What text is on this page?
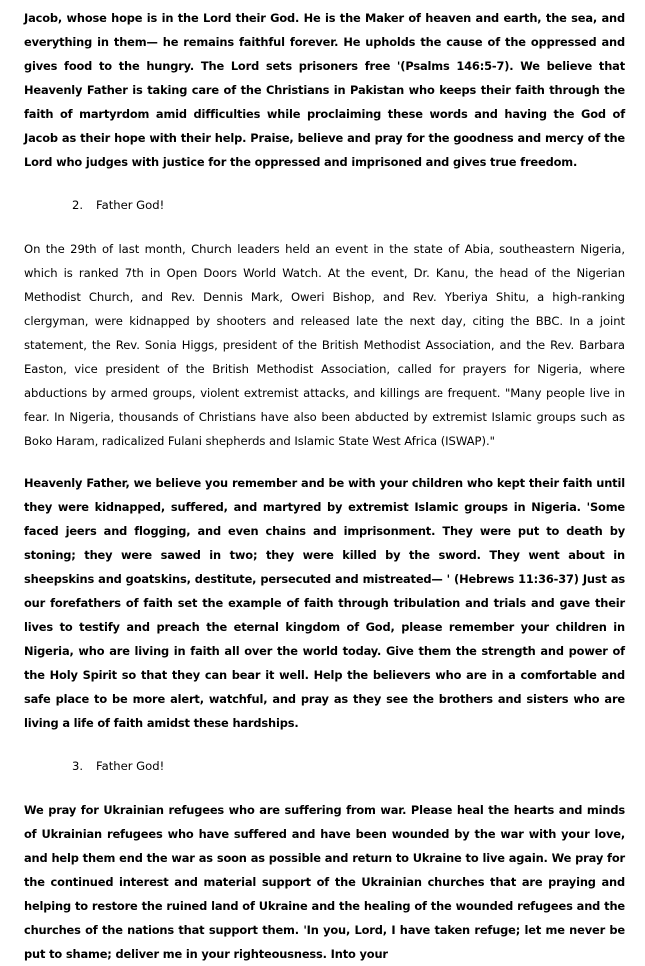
Jacob, whose hope is in the Lord their God. He is the Maker of heaven and earth, the sea, and everything in them— he remains faithful forever. He upholds the cause of the oppressed and gives food to the hungry. The Lord sets prisoners free '(Psalms 146:5-7). We believe that Heavenly Father is taking care of the Christians in Pakistan who keeps their faith through the faith of martyrdom amid difficulties while proclaiming these words and having the God of Jacob as their hope with their help. Praise, believe and pray for the goodness and mercy of the Lord who judges with justice for the oppressed and imprisoned and gives true freedom.

2.	Father God!

On the 29th of last month, Church leaders held an event in the state of Abia, southeastern Nigeria, which is ranked 7th in Open Doors World Watch. At the event, Dr. Kanu, the head of the Nigerian Methodist Church, and Rev. Dennis Mark, Oweri Bishop, and Rev. Yberiya Shitu, a high-ranking clergyman, were kidnapped by shooters and released late the next day, citing the BBC. In a joint statement, the Rev. Sonia Higgs, president of the British Methodist Association, and the Rev. Barbara Easton, vice president of the British Methodist Association, called for prayers for Nigeria, where abductions by armed groups, violent extremist attacks, and killings are frequent. "Many people live in fear. In Nigeria, thousands of Christians have also been abducted by extremist Islamic groups such as Boko Haram, radicalized Fulani shepherds and Islamic State West Africa (ISWAP)."

Heavenly Father, we believe you remember and be with your children who kept their faith until they were kidnapped, suffered, and martyred by extremist Islamic groups in Nigeria. 'Some faced jeers and flogging, and even chains and imprisonment. They were put to death by stoning; they were sawed in two; they were killed by the sword. They went about in sheepskins and goatskins, destitute, persecuted and mistreated— ' (Hebrews 11:36-37) Just as our forefathers of faith set the example of faith through tribulation and trials and gave their lives to testify and preach the eternal kingdom of God, please remember your children in Nigeria, who are living in faith all over the world today. Give them the strength and power of the Holy Spirit so that they can bear it well. Help the believers who are in a comfortable and safe place to be more alert, watchful, and pray as they see the brothers and sisters who are living a life of faith amidst these hardships.

3.	Father God!

We pray for Ukrainian refugees who are suffering from war. Please heal the hearts and minds of Ukrainian refugees who have suffered and have been wounded by the war with your love, and help them end the war as soon as possible and return to Ukraine to live again. We pray for the continued interest and material support of the Ukrainian churches that are praying and helping to restore the ruined land of Ukraine and the healing of the wounded refugees and the churches of the nations that support them. 'In you, Lord, I have taken refuge; let me never be put to shame; deliver me in your righteousness. Into your
